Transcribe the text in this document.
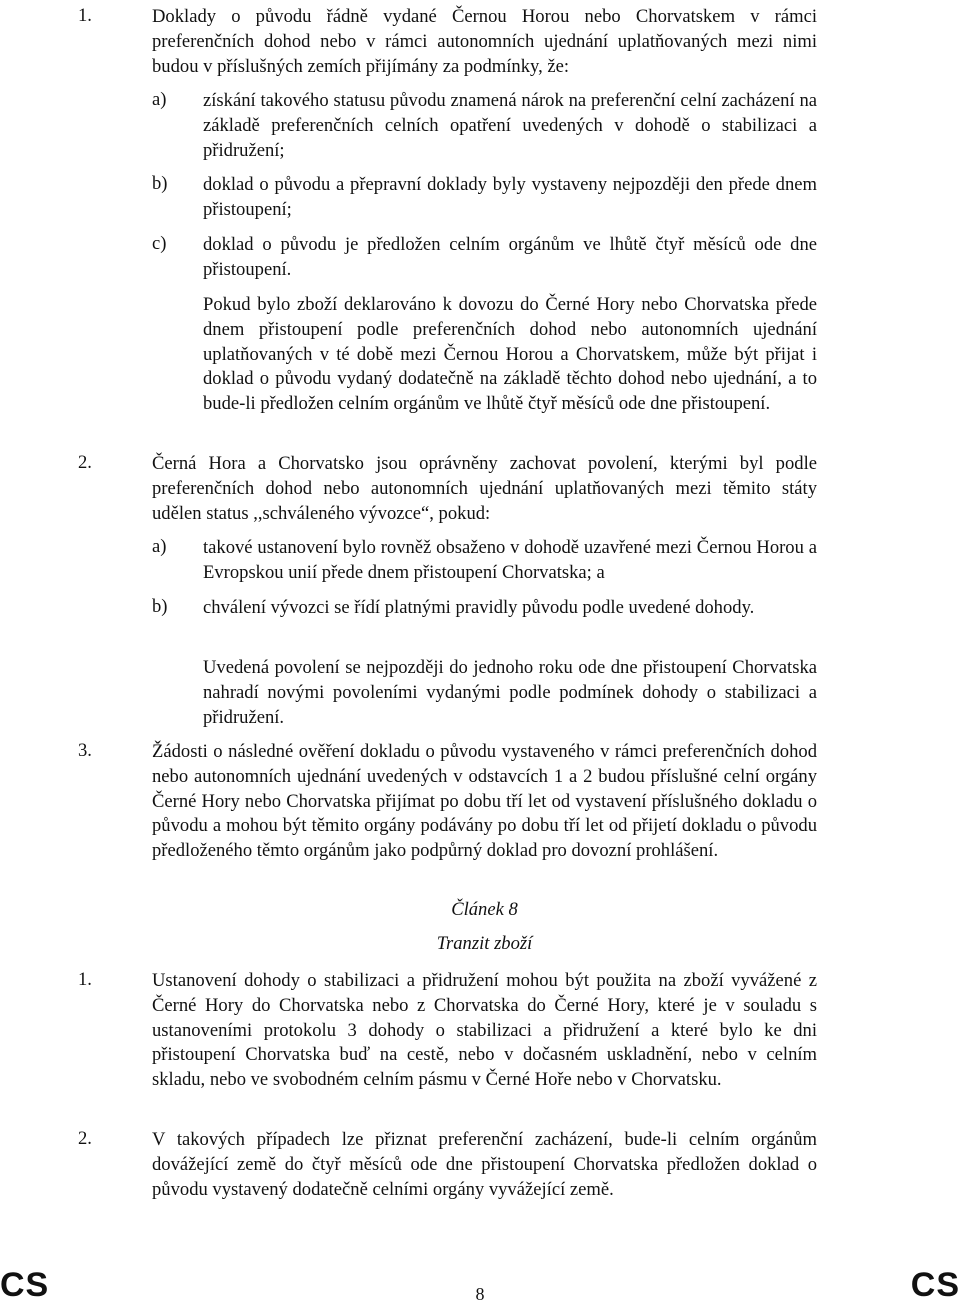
1.	Doklady o původu řádně vydané Černou Horou nebo Chorvatskem v rámci preferenčních dohod nebo v rámci autonomních ujednání uplatňovaných mezi nimi budou v příslušných zemích přijímány za podmínky, že:
a) získání takového statusu původu znamená nárok na preferenční celní zacházení na základě preferenčních celních opatření uvedených v dohodě o stabilizaci a přidružení;
b) doklad o původu a přepravní doklady byly vystaveny nejpozději den přede dnem přistoupení;
c) doklad o původu je předložen celním orgánům ve lhůtě čtyř měsíců ode dne přistoupení.
Pokud bylo zboží deklarováno k dovozu do Černé Hory nebo Chorvatska přede dnem přistoupení podle preferenčních dohod nebo autonomních ujednání uplatňovaných v té době mezi Černou Horou a Chorvatskem, může být přijat i doklad o původu vydaný dodatečně na základě těchto dohod nebo ujednání, a to bude-li předložen celním orgánům ve lhůtě čtyř měsíců ode dne přistoupení.
2.	Černá Hora a Chorvatsko jsou oprávněny zachovat povolení, kterými byl podle preferenčních dohod nebo autonomních ujednání uplatňovaných mezi těmito státy udělen status ,,schváleného vývozce“, pokud:
a) takové ustanovení bylo rovněž obsaženo v dohodě uzavřené mezi Černou Horou a Evropskou unií přede dnem přistoupení Chorvatska; a
b) chválení vývozci se řídí platnými pravidly původu podle uvedené dohody.
Uvedená povolení se nejpozději do jednoho roku ode dne přistoupení Chorvatska nahradí novými povoleními vydanými podle podmínek dohody o stabilizaci a přidružení.
3.	Žádosti o následné ověření dokladu o původu vystaveného v rámci preferenčních dohod nebo autonomních ujednání uvedených v odstavcích 1 a 2 budou příslušné celní orgány Černé Hory nebo Chorvatska přijímat po dobu tří let od vystavení příslušného dokladu o původu a mohou být těmito orgány podávány po dobu tří let od přijetí dokladu o původu předloženého těmto orgánům jako podpůrný doklad pro dovozní prohlášení.
Článek 8
Tranzit zboží
1.	Ustanovení dohody o stabilizaci a přidružení mohou být použita na zboží vyvážené z Černé Hory do Chorvatska nebo z Chorvatska do Černé Hory, které je v souladu s ustanoveními protokolu 3 dohody o stabilizaci a přidružení a které bylo ke dni přistoupení Chorvatska buď na cestě, nebo v dočasném uskladnění, nebo v celním skladu, nebo ve svobodném celním pásmu v Černé Hoře nebo v Chorvatsku.
2.	V takových případech lze přiznat preferenční zacházení, bude-li celním orgánům dovážející země do čtyř měsíců ode dne přistoupení Chorvatska předložen doklad o původu vystavený dodatečně celními orgány vyvážející země.
CS	8	CS
